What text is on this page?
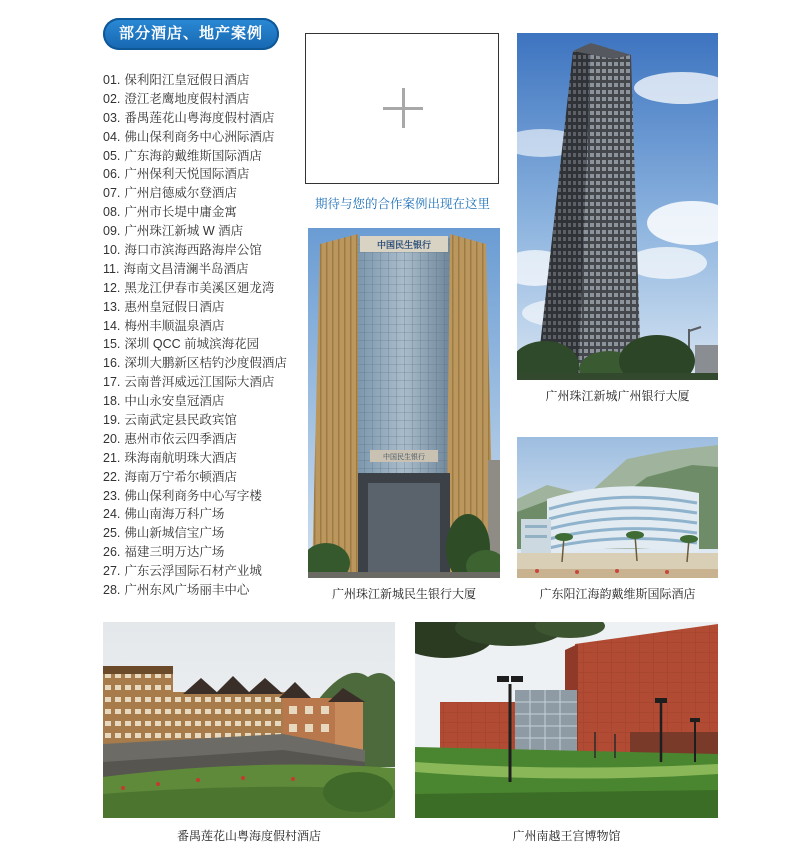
部分酒店、地产案例
01. 保利阳江皇冠假日酒店
02. 澄江老鹰地度假村酒店
03. 番禺莲花山粤海度假村酒店
04. 佛山保利商务中心洲际酒店
05. 广东海韵戴维斯国际酒店
06. 广州保利天悦国际酒店
07. 广州启德威尔登酒店
08. 广州市长堤中庸金寓
09. 广州珠江新城 W 酒店
10. 海口市滨海西路海岸公馆
11. 海南文昌清澜半岛酒店
12. 黑龙江伊春市美溪区廻龙湾
13. 惠州皇冠假日酒店
14. 梅州丰顺温泉酒店
15. 深圳 QCC 前城滨海花园
16. 深圳大鹏新区桔钓沙度假酒店
17. 云南普洱威远江国际大酒店
18. 中山永安皇冠酒店
19. 云南武定县民政宾馆
20. 惠州市依云四季酒店
21. 珠海南航明珠大酒店
22. 海南万宁希尔顿酒店
23. 佛山保利商务中心写字楼
24. 佛山南海万科广场
25. 佛山新城信宝广场
26. 福建三明万达广场
27. 广东云浮国际石材产业城
28. 广州东风广场丽丰中心
期待与您的合作案例出现在这里
广州珠江新城广州银行大厦
中国民生银行
中国民生银行
广州珠江新城民生银行大厦	广东阳江海韵戴维斯国际酒店
番禺莲花山粤海度假村酒店	广州南越王宫博物馆
